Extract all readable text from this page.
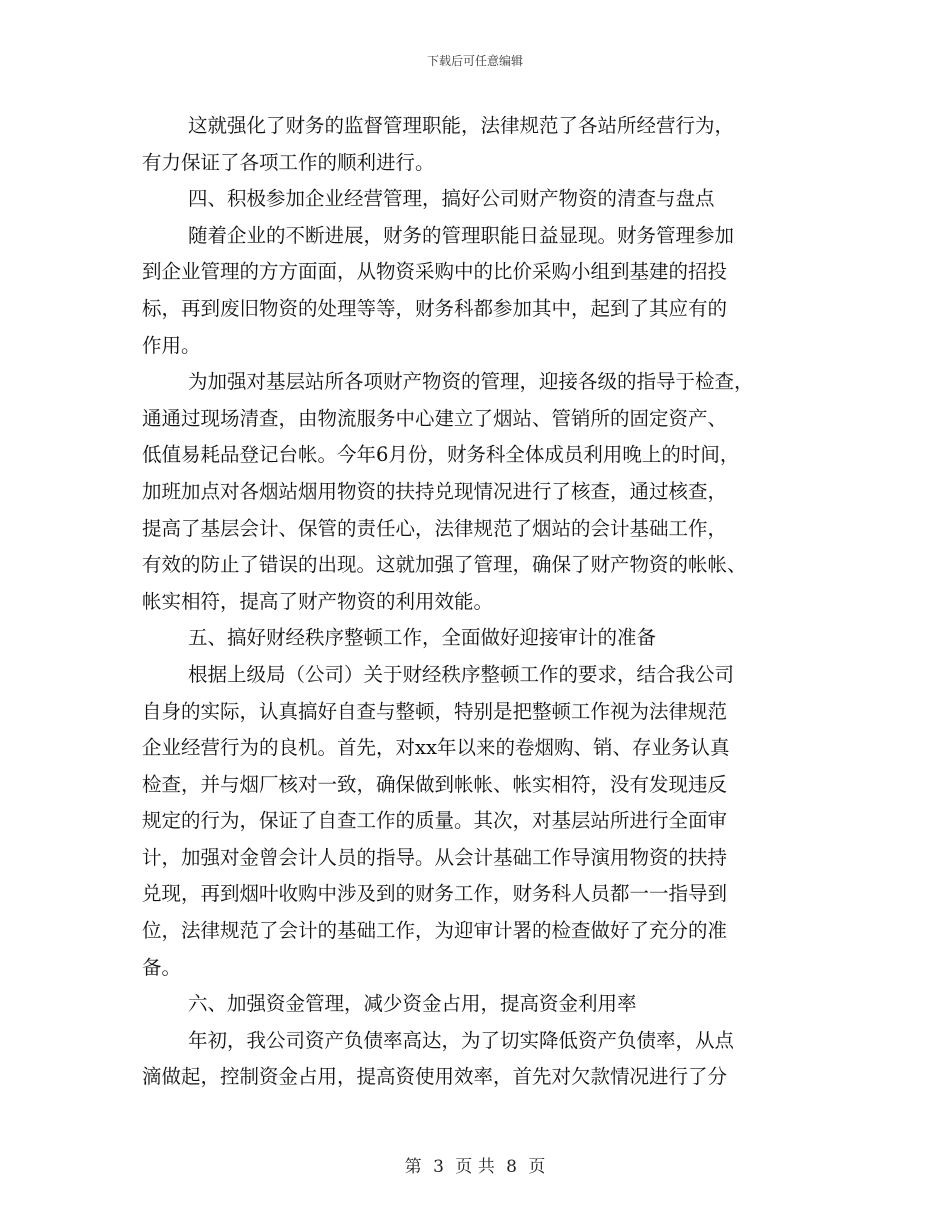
下载后可任意编辑
这就强化了财务的监督管理职能，法律规范了各站所经营行为，
有力保证了各项工作的顺利进行。
四、积极参加企业经营管理，搞好公司财产物资的清查与盘点
随着企业的不断进展，财务的管理职能日益显现。财务管理参加
到企业管理的方方面面，从物资采购中的比价采购小组到基建的招投
标，再到废旧物资的处理等等，财务科都参加其中，起到了其应有的
作用。
为加强对基层站所各项财产物资的管理，迎接各级的指导于检查，
通通过现场清查，由物流服务中心建立了烟站、管销所的固定资产、
低值易耗品登记台帐。今年6月份，财务科全体成员利用晚上的时间，
加班加点对各烟站烟用物资的扶持兑现情况进行了核查，通过核查，
提高了基层会计、保管的责任心，法律规范了烟站的会计基础工作，
有效的防止了错误的出现。这就加强了管理，确保了财产物资的帐帐、
帐实相符，提高了财产物资的利用效能。
五、搞好财经秩序整顿工作，全面做好迎接审计的准备
根据上级局（公司）关于财经秩序整顿工作的要求，结合我公司
自身的实际，认真搞好自查与整顿，特别是把整顿工作视为法律规范
企业经营行为的良机。首先，对xx年以来的卷烟购、销、存业务认真
检查，并与烟厂核对一致，确保做到帐帐、帐实相符，没有发现违反
规定的行为，保证了自查工作的质量。其次，对基层站所进行全面审
计，加强对金曾会计人员的指导。从会计基础工作导演用物资的扶持
兑现，再到烟叶收购中涉及到的财务工作，财务科人员都一一指导到
位，法律规范了会计的基础工作，为迎审计署的检查做好了充分的准
备。
六、加强资金管理，减少资金占用，提高资金利用率
年初，我公司资产负债率高达，为了切实降低资产负债率，从点
滴做起，控制资金占用，提高资使用效率，首先对欠款情况进行了分
第 3 页 共 8 页
